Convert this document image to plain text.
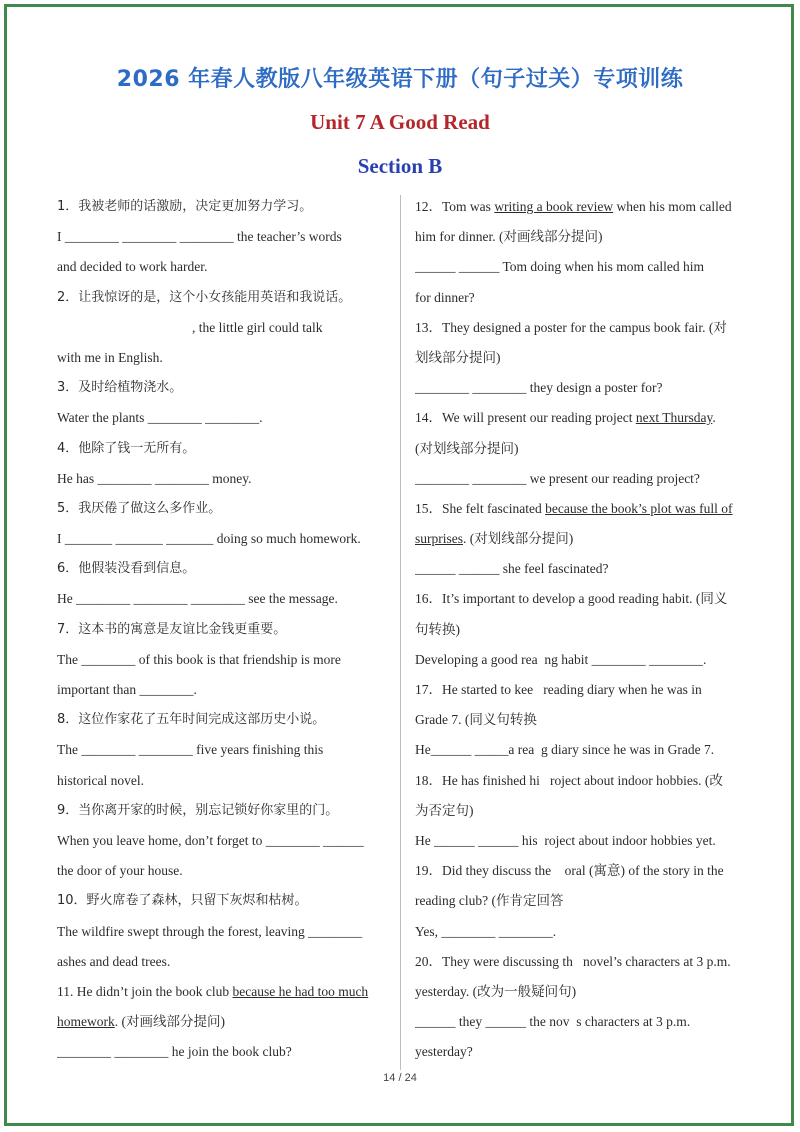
2026 年春人教版八年级英语下册（句子过关）专项训练
Unit 7 A Good Read
Section B
1．我被老师的话激励，决定更加努力学习。
I ________ ________ ________ the teacher’s words
and decided to work harder.
2．让我惊讶的是，这个小女孩能用英语和我说话。
, the little girl could talk
with me in English.
3．及时给植物浇水。
Water the plants ________ ________.
4．他除了钱一无所有。
He has ________ ________ money.
5．我厌倦了做这么多作业。
I _______ _______ _______ doing so much homework.
6．他假装没看到信息。
He ________ ________ ________ see the message.
7．这本书的寓意是友谊比金钱更重要。
The ________ of this book is that friendship is more
important than ________.
8．这位作家花了五年时间完成这部历史小说。
The ________ ________ five years finishing this
historical novel.
9．当你离开家的时候，别忘记锁好你家里的门。
When you leave home, don’t forget to ________ ______
the door of your house.
10．野火席卷了森林，只留下灰烬和枯树。
The wildfire swept through the forest, leaving ________
ashes and dead trees.
11. He didn’t join the book club because he had too much
homework. (对画线部分提问)
________ ________ he join the book club?
12．Tom was writing a book review when his mom called
him for dinner. (对画线部分提问)
______ ______ Tom doing when his mom called him
for dinner?
13．They designed a poster for the campus book fair. (对
划线部分提问)
________ ________ they design a poster for?
14．We will present our reading project next Thursday.
(对划线部分提问)
________ ________ we present our reading project?
15．She felt fascinated because the book’s plot was full of
surprises. (对划线部分提问)
______ ______ she feel fascinated?
16．It’s important to develop a good reading habit. (同义
句转换)
Developing a good rea  ng habit ________ ________.
17．He started to kee   reading diary when he was in
Grade 7. (同义句转换
He______ _____a rea  g diary since he was in Grade 7.
18．He has finished hi   roject about indoor hobbies. (改
为否定句)
He ______ ______ his  roject about indoor hobbies yet.
19．Did they discuss the    oral (寓意) of the story in the
reading club? (作肯定回答
Yes, ________ ________.
20．They were discussing th   novel’s characters at 3 p.m.
yesterday. (改为一般疑问句)
______ they ______ the nov  s characters at 3 p.m.
yesterday?
14 / 24
